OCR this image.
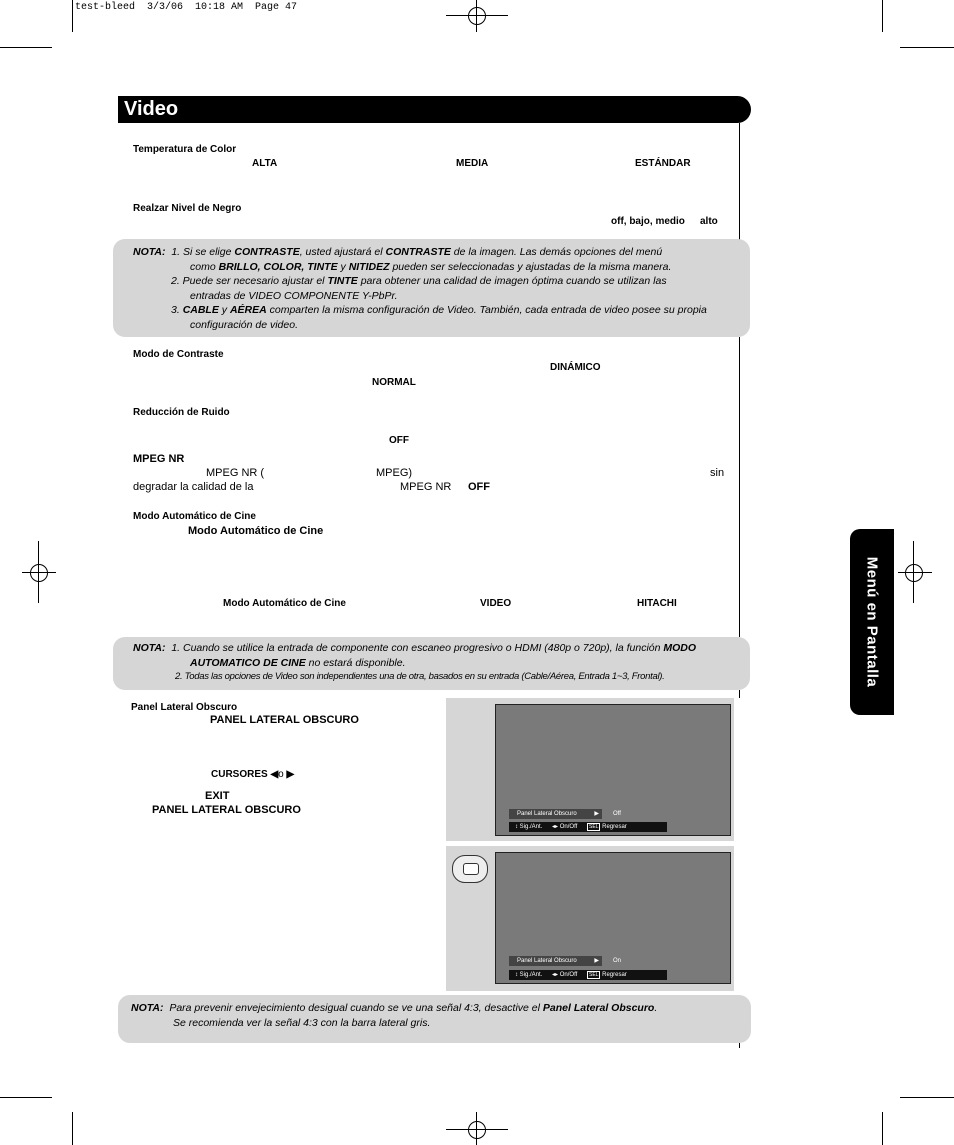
test-bleed  3/3/06  10:18 AM  Page 47
Video
Temperatura de Color
ALTA	MEDIA	ESTÁNDAR
Realzar Nivel de Negro
off, bajo, medio alto
NOTA: 1. Si se elige CONTRASTE, usted ajustará el CONTRASTE de la imagen. Las demás opciones del menú
como BRILLO, COLOR, TINTE y NITIDEZ pueden ser seleccionadas y ajustadas de la misma manera.
2. Puede ser necesario ajustar el TINTE para obtener una calidad de imagen óptima cuando se utilizan las
entradas de VIDEO COMPONENTE Y-PbPr.
3. CABLE y AÉREA comparten la misma configuración de Video. También, cada entrada de video posee su propia
configuración de video.
Modo de Contraste
DINÁMICO
NORMAL
Reducción de Ruido
OFF
MPEG NR
MPEG NR (	MPEG)	sin
degradar la calidad de la	MPEG NR OFF
Modo Automático de Cine
Modo Automático de Cine
Modo Automático de Cine	VIDEO	HITACHI
NOTA: 1. Cuando se utilice la entrada de componente con escaneo progresivo o HDMI (480p o 720p), la función MODO
AUTOMATICO DE CINE no estará disponible.
2. Todas las opciones de Video son independientes una de otra, basados en su entrada (Cable/Aérea, Entrada 1~3, Frontal).
Panel Lateral Obscuro
PANEL LATERAL OBSCURO
CURSORES ◀o ▶
EXIT
PANEL LATERAL OBSCURO	Panel Lateral Obscuro	▶ Off
↕ Sig./Ant. ◂▸ On/Off SEL Regresar
Panel Lateral Obscuro	▶ On
↕ Sig./Ant. ◂▸ On/Off SEL Regresar
NOTA: Para prevenir envejecimiento desigual cuando se ve una señal 4:3, desactive el Panel Lateral Obscuro.
Se recomienda ver la señal 4:3 con la barra lateral gris.
Menú en Pantalla
